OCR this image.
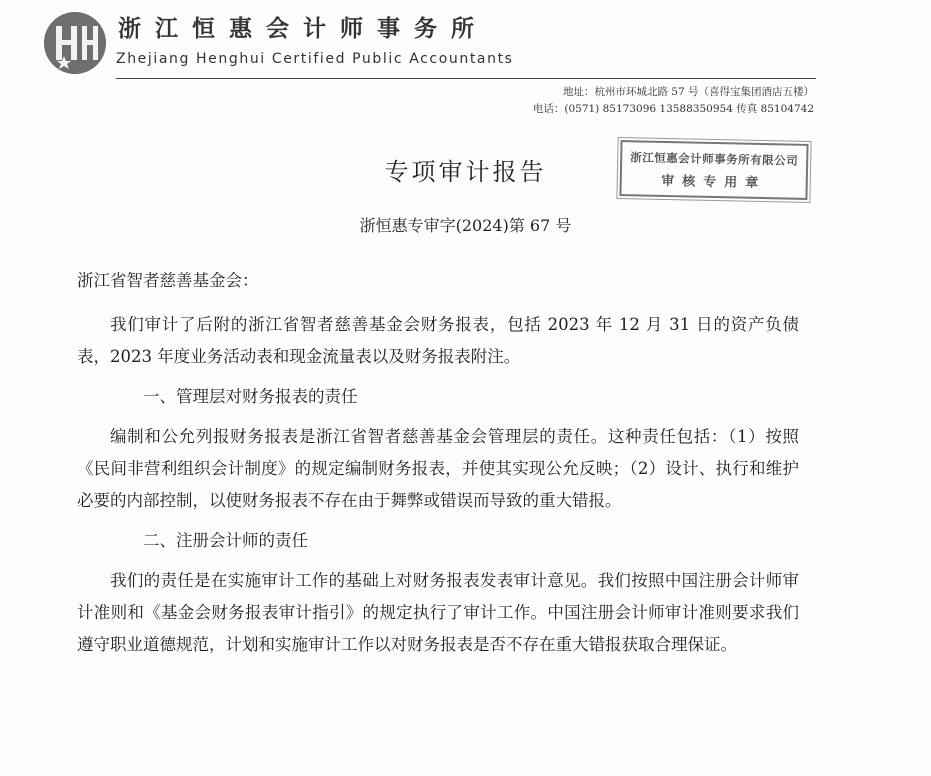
浙江恒惠会计师事务所
Zhejiang Henghui Certified Public Accountants
地址：杭州市环城北路 57 号（喜得宝集团酒店五楼）
电话：(0571) 85173096 13588350954 传真 85104742
专项审计报告	浙江恒惠会计师事务所有限公司
审核专用章
浙恒惠专审字(2024)第 67 号

浙江省智者慈善基金会：

我们审计了后附的浙江省智者慈善基金会财务报表，包括 2023 年 12 月 31 日的资产负债表，2023 年度业务活动表和现金流量表以及财务报表附注。

一、管理层对财务报表的责任

编制和公允列报财务报表是浙江省智者慈善基金会管理层的责任。这种责任包括：（1）按照《民间非营利组织会计制度》的规定编制财务报表，并使其实现公允反映；（2）设计、执行和维护必要的内部控制，以使财务报表不存在由于舞弊或错误而导致的重大错报。

二、注册会计师的责任

我们的责任是在实施审计工作的基础上对财务报表发表审计意见。我们按照中国注册会计师审计准则和《基金会财务报表审计指引》的规定执行了审计工作。中国注册会计师审计准则要求我们遵守职业道德规范，计划和实施审计工作以对财务报表是否不存在重大错报获取合理保证。
